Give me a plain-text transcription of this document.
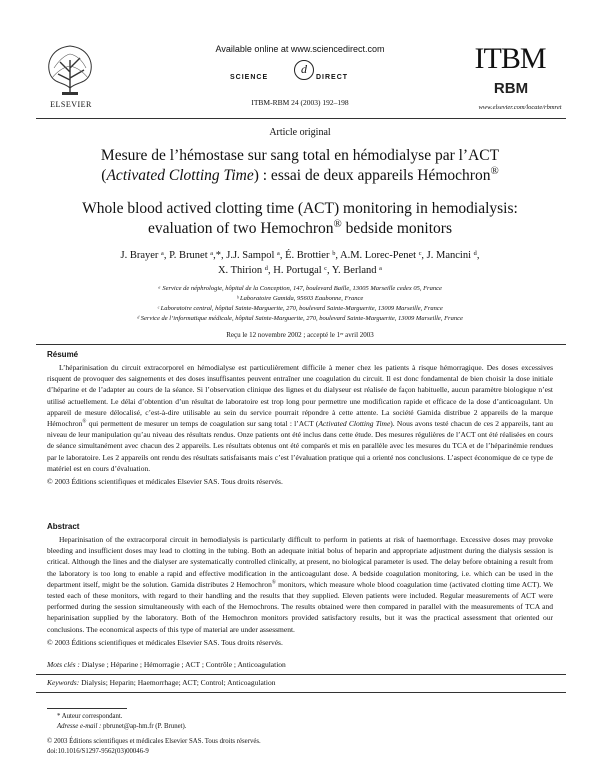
ELSEVIER
Available online at www.sciencedirect.com
SCIENCE
d
DIRECT
ITBM-RBM 24 (2003) 192–198
ITBM
RBM
www.elsevier.com/locate/rbmret
Article original
Mesure de l’hémostase sur sang total en hémodialyse par l’ACT
(Activated Clotting Time) : essai de deux appareils Hémochron®
Whole blood actived clotting time (ACT) monitoring in hemodialysis:
evaluation of two Hemochron® bedside monitors
J. Brayer ᵃ, P. Brunet ᵃ,*, J.J. Sampol ᵃ, É. Brottier ᵇ, A.M. Lorec-Penet ᶜ, J. Mancini ᵈ,
X. Thirion ᵈ, H. Portugal ᶜ, Y. Berland ᵃ
ᵃ Service de néphrologie, hôpital de la Conception, 147, boulevard Baille, 13005 Marseille cedex 05, France
ᵇ Laboratoire Gamida, 95603 Eaubonne, France
ᶜ Laboratoire central, hôpital Sainte-Marguerite, 270, boulevard Sainte-Marguerite, 13009 Marseille, France
ᵈ Service de l’informatique médicale, hôpital Sainte-Marguerite, 270, boulevard Sainte-Marguerite, 13009 Marseille, France
Reçu le 12 novembre 2002 ; accepté le 1ᵉʳ avril 2003
Résumé

L’héparinisation du circuit extracorporel en hémodialyse est particulièrement difficile à mener chez les patients à risque hémorragique. Des doses excessives risquent de provoquer des saignements et des doses insuffisantes peuvent entraîner une coagulation du circuit. Il est donc fondamental de bien choisir la dose initiale d’héparine et de l’adapter au cours de la séance. Si l’observation clinique des lignes et du dialyseur est réalisée de façon habituelle, aucun paramètre biologique n’est utilisé actuellement. Le délai d’obtention d’un résultat de laboratoire est trop long pour permettre une modification rapide et efficace de la dose d’anticoagulant. Un appareil de mesure délocalisé, c’est-à-dire utilisable au sein du service pourrait répondre à cette attente. La société Gamida distribue 2 appareils de la marque Hémochron® qui permettent de mesurer un temps de coagulation sur sang total : l’ACT (Activated Clotting Time). Nous avons testé chacun de ces 2 appareils, tant au niveau de leur manipulation qu’au niveau des résultats rendus. Onze patients ont été inclus dans cette étude. Des mesures régulières de l’ACT ont été réalisées en cours de séance simultanément avec chacun des 2 appareils. Les résultats obtenus ont été comparés et mis en parallèle avec les mesures du TCA et de l’héparinémie rendues par le laboratoire. Les 2 appareils ont rendu des résultats satisfaisants mais c’est l’évaluation pratique qui a orienté nos conclusions. L’aspect économique de ce type de matériel est en cours d’évaluation.

© 2003 Éditions scientifiques et médicales Elsevier SAS. Tous droits réservés.
Abstract

Heparinisation of the extracorporal circuit in hemodialysis is particularly difficult to perform in patients at risk of haemorrhage. Excessive doses may provoke bleeding and insufficient doses may lead to clotting in the tubing. Both an adequate initial bolus of heparin and appropriate adjustment during the dialysis session is critical. Although the lines and the dialyser are systematically controlled clinically, at present, no biological parameter is used. The delay before obtaining a result from the laboratory is too long to enable a rapid and effective modification in the anticoagulant dose. A bedside coagulation monitoring, i.e. which can be used in the department itself, might be the solution. Gamida distributes 2 Hemochron® monitors, which measure whole blood coagulation time (activated clotting time ACT). We tested each of these monitors, with regard to their handling and the results that they supplied. Eleven patients were included. Regular measurements of ACT were performed during the session simultaneously with each of the Hemochrons. The results obtained were then compared in parallel with the measurements of TCA and heparinisation supplied by the laboratory. Both of the Hemochron monitors provided satisfactory results, but it was the practical assessment that oriented our conclusions. The economical aspects of this type of material are under assessment.

© 2003 Éditions scientifiques et médicales Elsevier SAS. Tous droits réservés.
Mots clés : Dialyse ; Héparine ; Hémorragie ; ACT ; Contrôle ; Anticoagulation
Keywords: Dialysis; Heparin; Haemorrhage; ACT; Control; Anticoagulation
* Auteur correspondant.
Adresse e-mail : pbrunet@ap-hm.fr (P. Brunet).
© 2003 Éditions scientifiques et médicales Elsevier SAS. Tous droits réservés.
doi:10.1016/S1297-9562(03)00046-9
